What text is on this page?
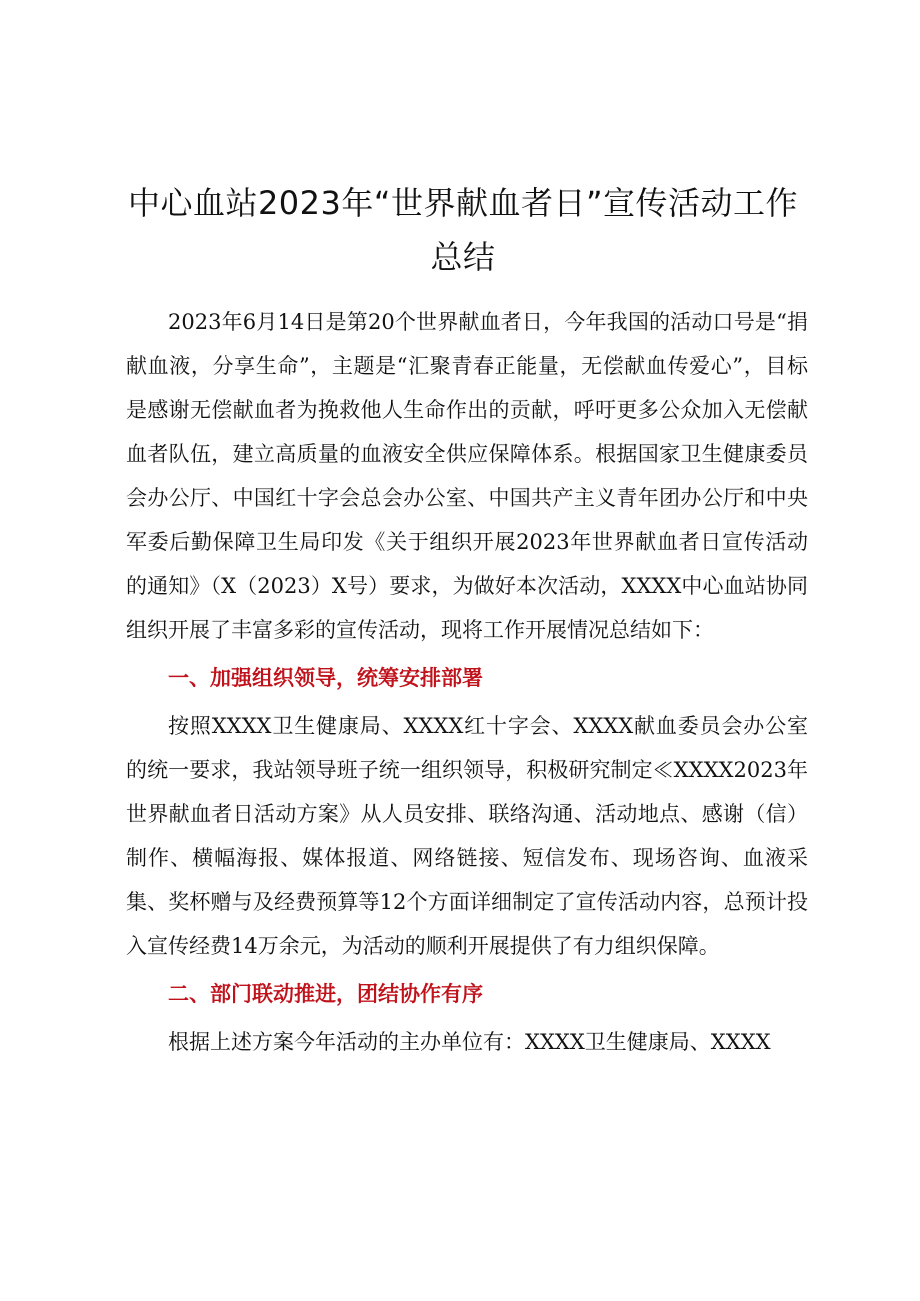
中心血站2023年“世界献血者日”宣传活动工作总结

2023年6月14日是第20个世界献血者日，今年我国的活动口号是“捐献血液，分享生命”，主题是“汇聚青春正能量，无偿献血传爱心”，目标是感谢无偿献血者为挽救他人生命作出的贡献，呼吁更多公众加入无偿献血者队伍，建立高质量的血液安全供应保障体系。根据国家卫生健康委员会办公厅、中国红十字会总会办公室、中国共产主义青年团办公厅和中央军委后勤保障卫生局印发《关于组织开展2023年世界献血者日宣传活动的通知》（X（2023）X号）要求，为做好本次活动，XXXX中心血站协同组织开展了丰富多彩的宣传活动，现将工作开展情况总结如下：

一、加强组织领导，统筹安排部署

按照XXXX卫生健康局、XXXX红十字会、XXXX献血委员会办公室的统一要求，我站领导班子统一组织领导，积极研究制定≪XXXX2023年世界献血者日活动方案》从人员安排、联络沟通、活动地点、感谢（信）制作、横幅海报、媒体报道、网络链接、短信发布、现场咨询、血液采集、奖杯赠与及经费预算等12个方面详细制定了宣传活动内容，总预计投入宣传经费14万余元，为活动的顺利开展提供了有力组织保障。

二、部门联动推进，团结协作有序

根据上述方案今年活动的主办单位有：XXXX卫生健康局、XXXX
